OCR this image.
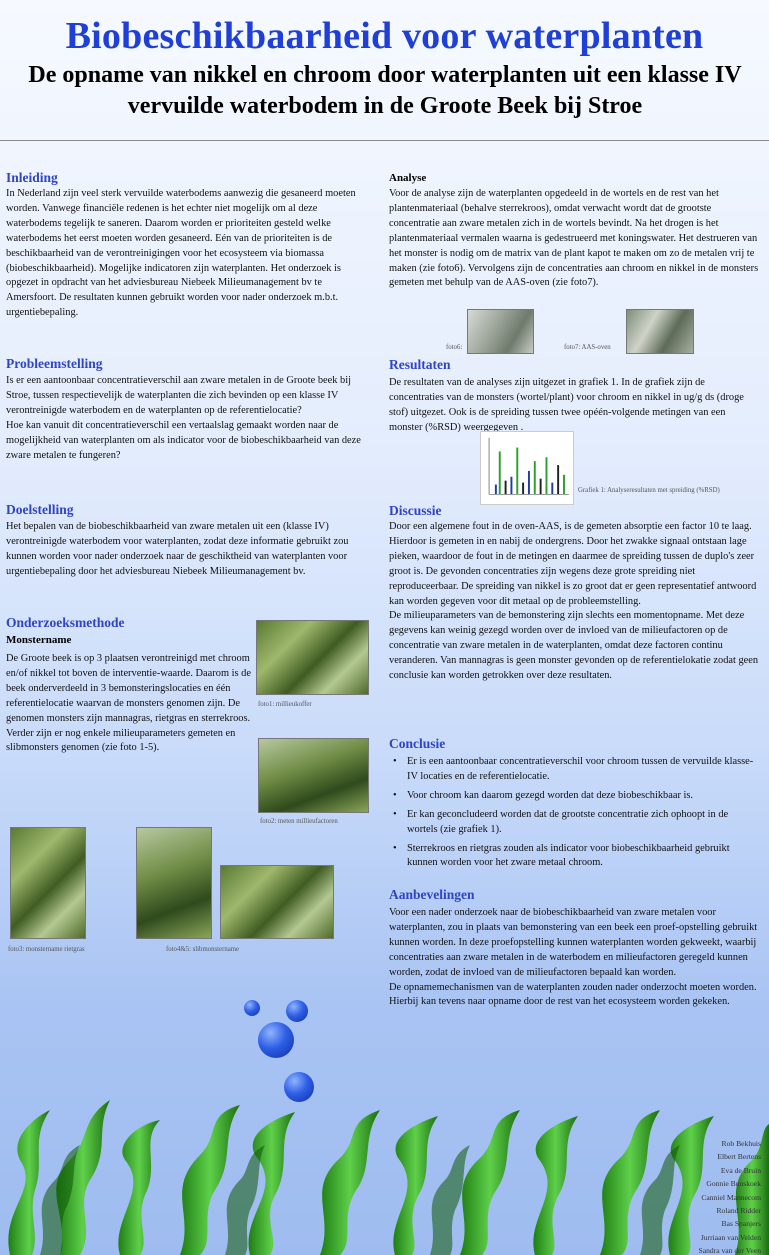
Biobeschikbaarheid voor waterplanten
De opname van nikkel en chroom door waterplanten uit een klasse IV vervuilde waterbodem in de Groote Beek bij Stroe
Inleiding
In Nederland zijn veel sterk vervuilde waterbodems aanwezig die gesaneerd moeten worden. Vanwege financiële redenen is het echter niet mogelijk om al deze waterbodems tegelijk te saneren. Daarom worden er prioriteiten gesteld welke waterbodems het eerst moeten worden gesaneerd. Eén van de prioriteiten is de beschikbaarheid van de verontreinigingen voor het ecosysteem via biomassa (biobeschikbaarheid). Mogelijke indicatoren zijn waterplanten. Het onderzoek is opgezet in opdracht van het adviesbureau Niebeek Milieumanagement bv te Amersfoort. De resultaten kunnen gebruikt worden voor nader onderzoek m.b.t. urgentiebepaling.
Probleemstelling

Is er een aantoonbaar concentratieverschil aan zware metalen in de Groote beek bij Stroe, tussen respectievelijk de waterplanten die zich bevinden op een klasse IV verontreinigde waterbodem en de waterplanten op de referentielocatie?

Hoe kan vanuit dit concentratieverschil een vertaalslag gemaakt worden naar de mogelijkheid van waterplanten om als indicator voor de biobeschikbaarheid van deze zware metalen te fungeren?

Doelstelling
Het bepalen van de biobeschikbaarheid van zware metalen uit een (klasse IV) verontreinigde waterbodem voor waterplanten, zodat deze informatie gebruikt zou kunnen worden voor nader onderzoek naar de geschiktheid van waterplanten voor urgentiebepaling door het adviesbureau Niebeek Milieumanagement bv.
Onderzoeksmethode
Monstername
De Groote beek is op 3 plaatsen verontreinigd met chroom en/of nikkel tot boven de interventie-waarde. Daarom is de beek onderverdeeld in 3 bemonsteringslocaties en één referentielocatie waarvan de monsters genomen zijn. De genomen monsters zijn mannagras, rietgras en sterrekroos. Verder zijn er nog enkele milieuparameters gemeten en slibmonsters genomen (zie foto 1-5).
foto1: millieukoffer
foto2: meten millieufactoren
foto3: monstername rietgras	foto4&5: slibmonstername
Analyse
Voor de analyse zijn de waterplanten opgedeeld in de wortels en de rest van het plantenmateriaal (behalve sterrekroos), omdat verwacht wordt dat de grootste concentratie aan zware metalen zich in de wortels bevindt. Na het drogen is het plantenmateriaal vermalen waarna is gedestrueerd met koningswater. Het destrueren van het monster is nodig om de matrix van de plant kapot te maken om zo de metalen vrij te maken (zie foto6). Vervolgens zijn de concentraties aan chroom en nikkel in de monsters gemeten met behulp van de AAS-oven (zie foto7).
foto6:	foto7: AAS-oven
Resultaten
De resultaten van de analyses zijn uitgezet in grafiek 1. In de grafiek zijn de concentraties van de monsters (wortel/plant) voor chroom en nikkel in ug/g ds (droge stof) uitgezet. Ook is de spreiding tussen twee opéén-volgende metingen van een monster (%RSD) weergegeven .
Grafiek 1: Analyseresultaten met spreiding (%RSD)
Discussie

Door een algemene fout in de oven-AAS, is de gemeten absorptie een factor 10 te laag. Hierdoor is gemeten in en nabij de ondergrens. Door het zwakke signaal ontstaan lage pieken, waardoor de fout in de metingen en daarmee de spreiding tussen de duplo's zeer groot is. De gevonden concentraties zijn wegens deze grote spreiding niet reproduceerbaar. De spreiding van nikkel is zo groot dat er geen representatief antwoord kan worden gegeven voor dit metaal op de probleemstelling.

De milieuparameters van de bemonstering zijn slechts een momentopname. Met deze gegevens kan weinig gezegd worden over de invloed van de milieufactoren op de concentratie van zware metalen in de waterplanten, omdat deze factoren continu veranderen. Van mannagras is geen monster gevonden op de referentielokatie zodat geen conclusie kan worden getrokken over deze resultaten.

Conclusie
• Er is een aantoonbaar concentratieverschil voor chroom tussen de vervuilde klasse-IV locaties en de referentielocatie.
• Voor chroom kan daarom gezegd worden dat deze biobeschikbaar is.
• Er kan geconcludeerd worden dat de grootste concentratie zich ophoopt in de wortels (zie grafiek 1).
• Sterrekroos en rietgras zouden als indicator voor biobeschikbaarheid gebruikt kunnen worden voor het zware metaal chroom.
Aanbevelingen

Voor een nader onderzoek naar de biobeschikbaarheid van zware metalen voor waterplanten, zou in plaats van bemonstering van een beek een proef-opstelling gebruikt kunnen worden. In deze proefopstelling kunnen waterplanten worden gekweekt, waarbij concentraties aan zware metalen in de waterbodem en milieufactoren geregeld kunnen worden, zodat de invloed van de milieufactoren bepaald kan worden.

De opnamemechanismen van de waterplanten zouden nader onderzocht moeten worden. Hierbij kan tevens naar opname door de rest van het ecosysteem worden gekeken.

Rob Bekhuis
Elbert Bertens
Eva de Bruin
Gonnie Bunskoek
Canniel Mannecom
Roland Ridder
Bas Spanjers
Jurriaan van Velden
Sandra van der Veen
